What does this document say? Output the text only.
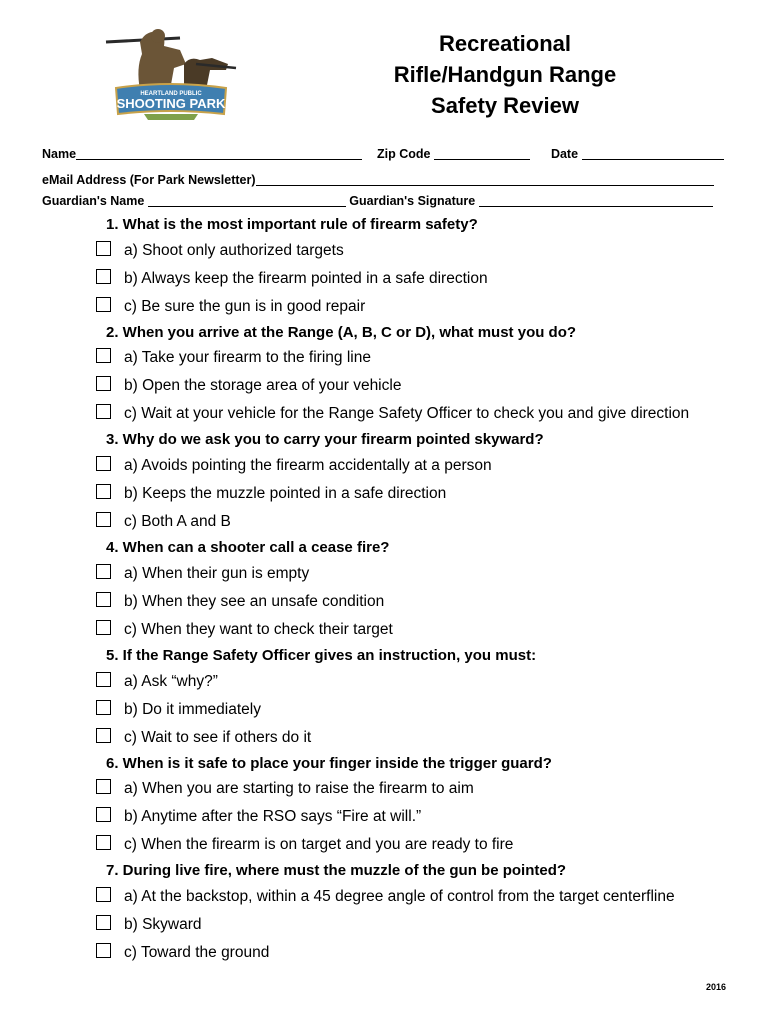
HEARTLAND PUBLIC
SHOOTING PARK
Recreational
Rifle/Handgun Range
Safety Review
Name	Zip Code	Date
eMail Address (For Park Newsletter)
Guardian's Name	Guardian's Signature
1. What is the most important rule of firearm safety?
a) Shoot only authorized targets
b) Always keep the firearm pointed in a safe direction
c) Be sure the gun is in good repair
2. When you arrive at the Range (A, B, C or D), what must you do?
a) Take your firearm to the firing line
b) Open the storage area of your vehicle
c) Wait at your vehicle for the Range Safety Officer to check you and give direction
3. Why do we ask you to carry your firearm pointed skyward?
a) Avoids pointing the firearm accidentally at a person
b) Keeps the muzzle pointed in a safe direction
c) Both A and B
4. When can a shooter call a cease fire?
a) When their gun is empty
b) When they see an unsafe condition
c) When they want to check their target
5. If the Range Safety Officer gives an instruction, you must:
a) Ask “why?”
b) Do it immediately
c) Wait to see if others do it
6. When is it safe to place your finger inside the trigger guard?
a) When you are starting to raise the firearm to aim
b) Anytime after the RSO says “Fire at will.”
c) When the firearm is on target and you are ready to fire
7. During live fire, where must the muzzle of the gun be pointed?
a) At the backstop, within a 45 degree angle of control from the target centerfline
b) Skyward
c) Toward the ground
2016
